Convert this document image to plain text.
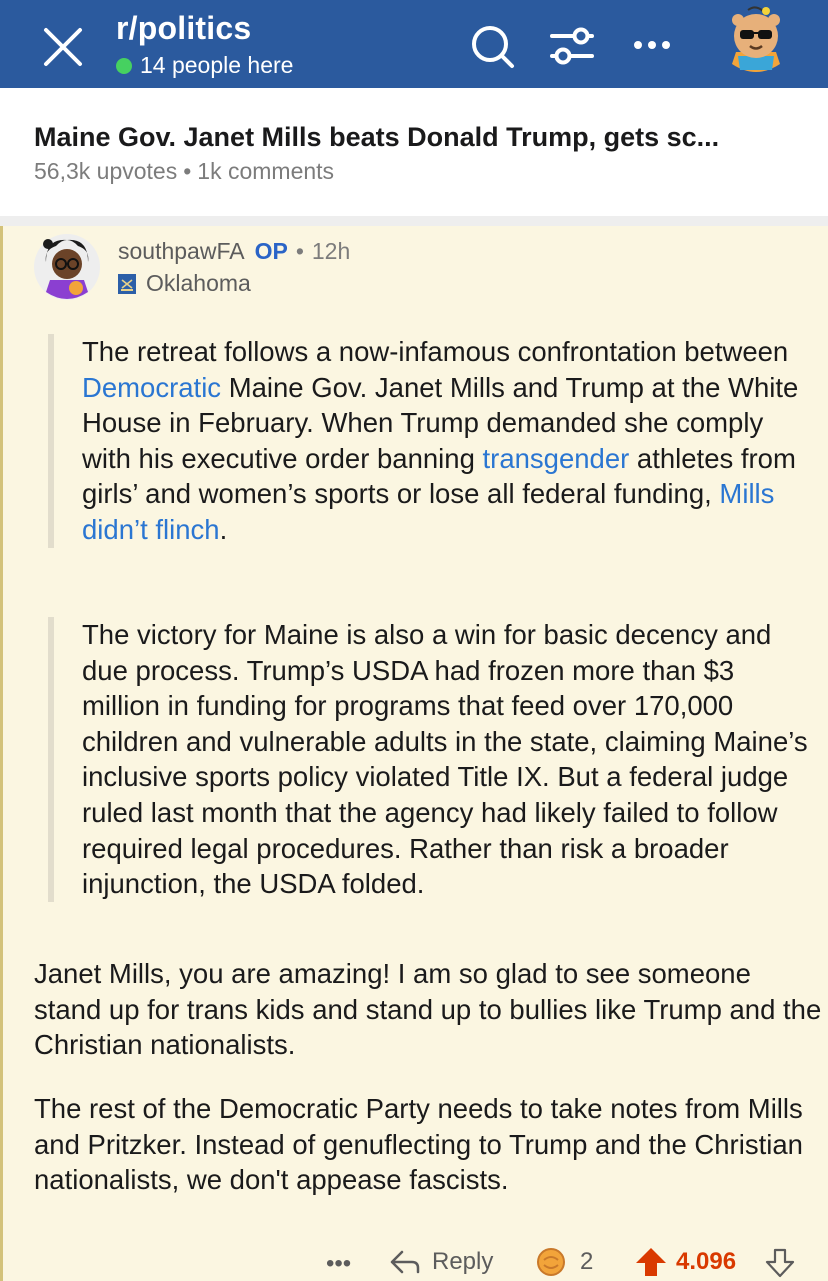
r/politics
14 people here
Maine Gov. Janet Mills beats Donald Trump, gets sc...
56,3k upvotes • 1k comments
southpawFA OP • 12h
Oklahoma
The retreat follows a now-infamous confrontation between Democratic Maine Gov. Janet Mills and Trump at the White House in February. When Trump demanded she comply with his executive order banning transgender athletes from girls’ and women’s sports or lose all federal funding, Mills didn’t flinch.
The victory for Maine is also a win for basic decency and due process. Trump’s USDA had frozen more than $3 million in funding for programs that feed over 170,000 children and vulnerable adults in the state, claiming Maine’s inclusive sports policy violated Title IX. But a federal judge ruled last month that the agency had likely failed to follow required legal procedures. Rather than risk a broader injunction, the USDA folded.
Janet Mills, you are amazing! I am so glad to see someone stand up for trans kids and stand up to bullies like Trump and the Christian nationalists.
The rest of the Democratic Party needs to take notes from Mills and Pritzker. Instead of genuflecting to Trump and the Christian nationalists, we don't appease fascists.
•••	Reply	2	4.096
